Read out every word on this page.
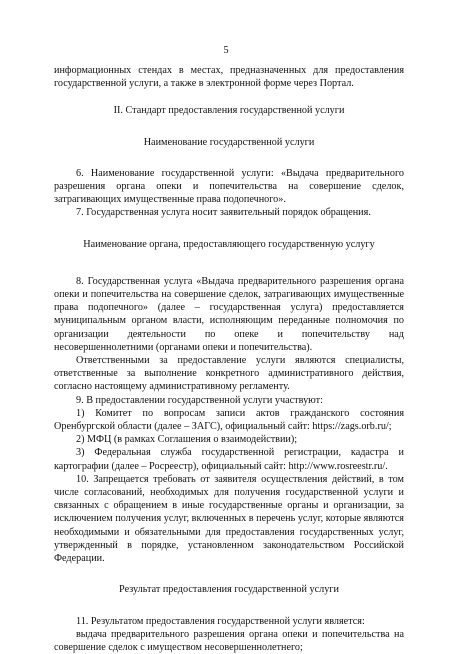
5

информационных стендах в местах, предназначенных для предоставления государственной услуги, а также в электронной форме через Портал.

II. Стандарт предоставления государственной услуги

Наименование государственной услуги

6. Наименование государственной услуги: «Выдача предварительного разрешения органа опеки и попечительства на совершение сделок, затрагивающих имущественные права подопечного».

7. Государственная услуга носит заявительный порядок обращения.

Наименование органа, предоставляющего государственную услугу

8. Государственная услуга «Выдача предварительного разрешения органа опеки и попечительства на совершение сделок, затрагивающих имущественные права подопечного» (далее – государственная услуга) предоставляется муниципальным органом власти, исполняющим переданные полномочия по организации деятельности по опеке и попечительству над несовершеннолетними (органами опеки и попечительства).

Ответственными за предоставление услуги являются специалисты, ответственные за выполнение конкретного административного действия, согласно настоящему административному регламенту.

9. В предоставлении государственной услуги участвуют:

1) Комитет по вопросам записи актов гражданского состояния Оренбургской области (далее – ЗАГС), официальный сайт: https://zags.orb.ru/;

2) МФЦ (в рамках Соглашения о взаимодействии);

3) Федеральная служба государственной регистрации, кадастра и картографии (далее – Росреестр), официальный сайт: http://www.rosreestr.ru/.

10. Запрещается требовать от заявителя осуществления действий, в том числе согласований, необходимых для получения государственной услуги и связанных с обращением в иные государственные органы и организации, за исключением получения услуг, включенных в перечень услуг, которые являются необходимыми и обязательными для предоставления государственных услуг, утвержденный в порядке, установленном законодательством Российской Федерации.

Результат предоставления государственной услуги

11. Результатом предоставления государственной услуги является:

выдача предварительного разрешения органа опеки и попечительства на совершение сделок с имуществом несовершеннолетнего;
